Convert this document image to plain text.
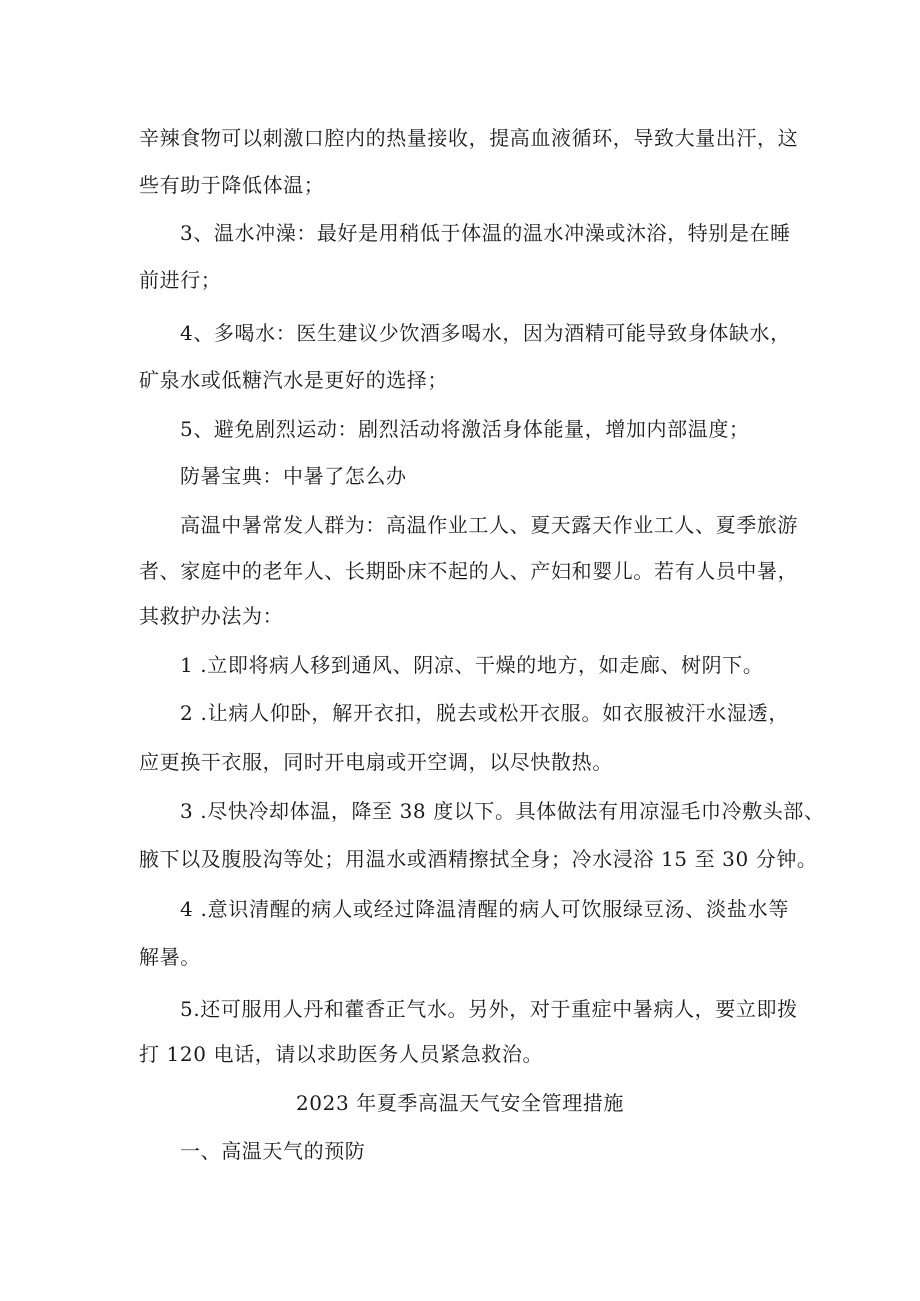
辛辣食物可以刺激口腔内的热量接收，提高血液循环，导致大量出汗，这
些有助于降低体温；
3、温水冲澡：最好是用稍低于体温的温水冲澡或沐浴，特别是在睡
前进行；
4、多喝水：医生建议少饮酒多喝水，因为酒精可能导致身体缺水，
矿泉水或低糖汽水是更好的选择；
5、避免剧烈运动：剧烈活动将激活身体能量，增加内部温度；
防暑宝典：中暑了怎么办
高温中暑常发人群为：高温作业工人、夏天露天作业工人、夏季旅游
者、家庭中的老年人、长期卧床不起的人、产妇和婴儿。若有人员中暑，
其救护办法为：
1 .立即将病人移到通风、阴凉、干燥的地方，如走廊、树阴下。
2 .让病人仰卧，解开衣扣，脱去或松开衣服。如衣服被汗水湿透，
应更换干衣服，同时开电扇或开空调，以尽快散热。
3 .尽快冷却体温，降至 38 度以下。具体做法有用凉湿毛巾冷敷头部、
腋下以及腹股沟等处；用温水或酒精擦拭全身；冷水浸浴 15 至 30 分钟。
4 .意识清醒的病人或经过降温清醒的病人可饮服绿豆汤、淡盐水等
解暑。
5.还可服用人丹和藿香正气水。另外，对于重症中暑病人，要立即拨
打 120 电话，请以求助医务人员紧急救治。
2023 年夏季高温天气安全管理措施
一、高温天气的预防
